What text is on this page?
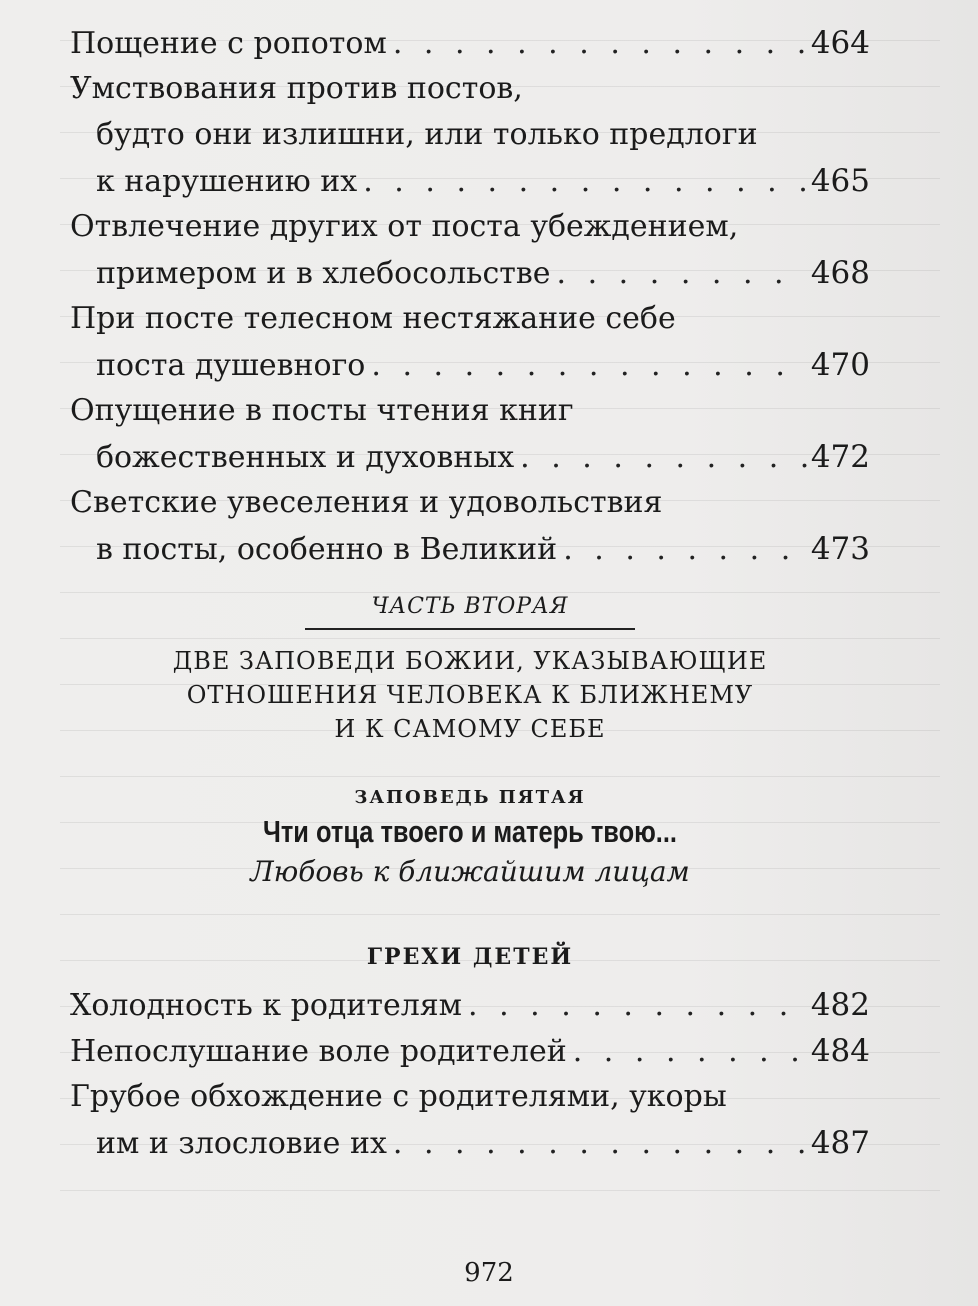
Пощение с ропотом . . .	464
Умствования против постов,
будто они излишни, или только предлоги
к нарушению их . . .	465
Отвлечение других от поста убеждением,
примером и в хлебосольстве . . .	468
При посте телесном нестяжание себе
поста душевного . . .	470
Опущение в посты чтения книг
божественных и духовных . . .	472
Светские увеселения и удовольствия
в посты, особенно в Великий . . .	473
ЧАСТЬ ВТОРАЯ
ДВЕ ЗАПОВЕДИ БОЖИИ, УКАЗЫВАЮЩИЕ
ОТНОШЕНИЯ ЧЕЛОВЕКА К БЛИЖНЕМУ
И К САМОМУ СЕБЕ
ЗАПОВЕДЬ ПЯТАЯ
Чти отца твоего и матерь твою...
Любовь к ближайшим лицам
ГРЕХИ ДЕТЕЙ
Холодность к родителям . . .	482
Непослушание воле родителей . . .	484
Грубое обхождение с родителями, укоры
им и злословие их . . .	487
972
